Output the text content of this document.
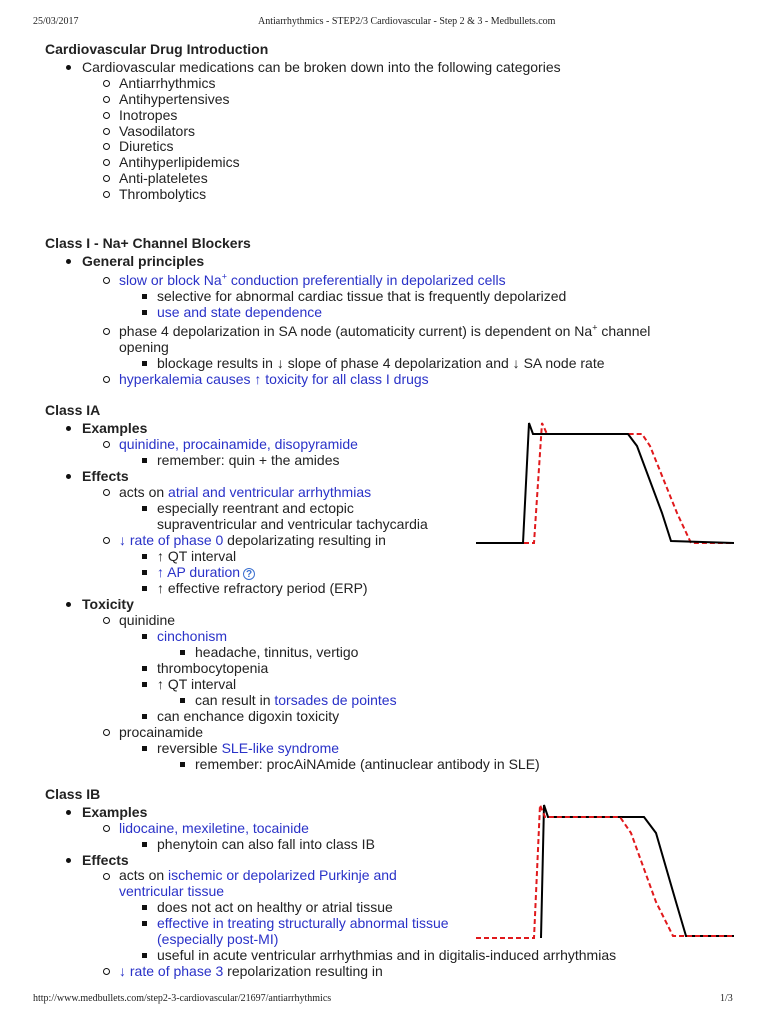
25/03/2017	Antiarrhythmics - STEP2/3 Cardiovascular - Step 2 & 3 - Medbullets.com
http://www.medbullets.com/step2-3-cardiovascular/21697/antiarrhythmics	1/3
Cardiovascular Drug Introduction
Cardiovascular medications can be broken down into the following categories
Antiarrhythmics
Antihypertensives
Inotropes
Vasodilators
Diuretics
Antihyperlipidemics
Anti-plateletes
Thrombolytics
Class I - Na+ Channel Blockers
General principles
slow or block Na+ conduction preferentially in depolarized cells
selective for abnormal cardiac tissue that is frequently depolarized
use and state dependence
phase 4 depolarization in SA node (automaticity current) is dependent on Na+ channel
opening
blockage results in ↓ slope of phase 4 depolarization and ↓ SA node rate
hyperkalemia causes ↑ toxicity for all class I drugs
Class IA
Examples
quinidine, procainamide, disopyramide
remember: quin + the amides
Effects
acts on atrial and ventricular arrhythmias
especially reentrant and ectopic
supraventricular and ventricular tachycardia
↓ rate of phase 0 depolarizating resulting in
↑ QT interval
↑ AP duration ?
↑ effective refractory period (ERP)
Toxicity
quinidine
cinchonism
headache, tinnitus, vertigo
thrombocytopenia
↑ QT interval
can result in torsades de pointes
can enchance digoxin toxicity
procainamide
reversible SLE-like syndrome
remember: procAiNAmide (antinuclear antibody in SLE)
Class IB
Examples
lidocaine, mexiletine, tocainide
phenytoin can also fall into class IB
Effects
acts on ischemic or depolarized Purkinje and
ventricular tissue
does not act on healthy or atrial tissue
effective in treating structurally abnormal tissue
(especially post-MI)
useful in acute ventricular arrhythmias and in digitalis-induced arrhythmias
↓ rate of phase 3 repolarization resulting in
